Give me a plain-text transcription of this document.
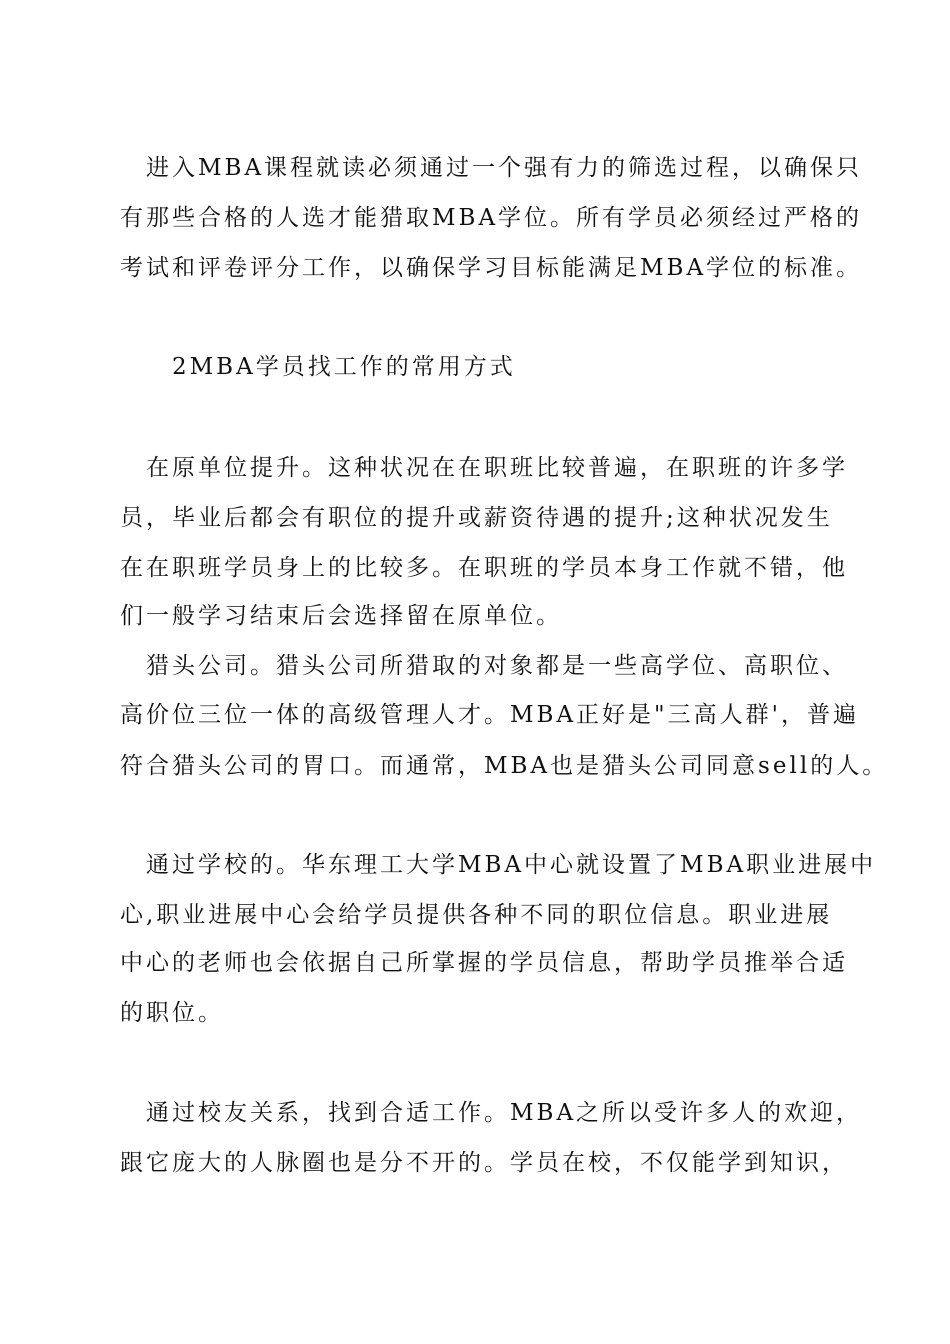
进入MBA课程就读必须通过一个强有力的筛选过程，以确保只

有那些合格的人选才能猎取MBA学位。所有学员必须经过严格的

考试和评卷评分工作，以确保学习目标能满足MBA学位的标准。

2MBA学员找工作的常用方式

在原单位提升。这种状况在在职班比较普遍，在职班的许多学

员，毕业后都会有职位的提升或薪资待遇的提升;这种状况发生

在在职班学员身上的比较多。在职班的学员本身工作就不错，他

们一般学习结束后会选择留在原单位。

猎头公司。猎头公司所猎取的对象都是一些高学位、高职位、

高价位三位一体的高级管理人才。MBA正好是"三高人群'，普遍

符合猎头公司的胃口。而通常，MBA也是猎头公司同意sell的人。

通过学校的。华东理工大学MBA中心就设置了MBA职业进展中

心,职业进展中心会给学员提供各种不同的职位信息。职业进展

中心的老师也会依据自己所掌握的学员信息，帮助学员推举合适

的职位。

通过校友关系，找到合适工作。MBA之所以受许多人的欢迎，

跟它庞大的人脉圈也是分不开的。学员在校，不仅能学到知识，
